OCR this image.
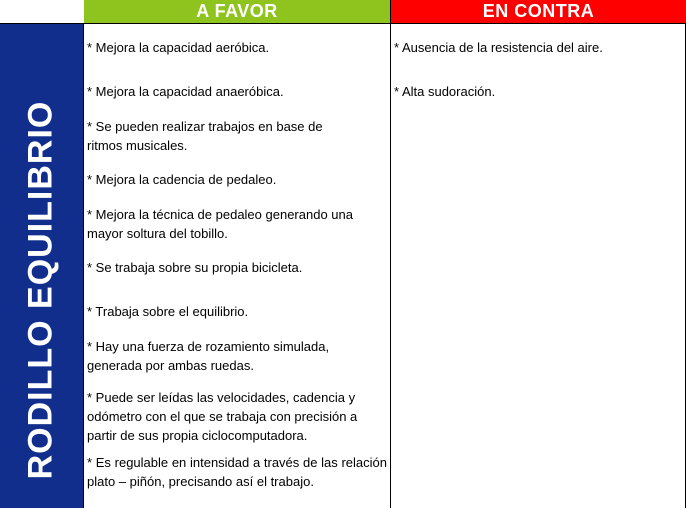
A FAVOR	EN CONTRA
RODILLO EQUILIBRIO
* Mejora la capacidad aeróbica.
* Mejora la capacidad anaeróbica.
* Se pueden realizar trabajos en base de ritmos musicales.
* Mejora la cadencia de pedaleo.
* Mejora la técnica de pedaleo generando una mayor soltura del tobillo.
* Se trabaja sobre su propia bicicleta.
* Trabaja sobre el equilibrio.
* Hay una fuerza de rozamiento simulada, generada por ambas ruedas.
* Puede ser leídas las velocidades, cadencia y odómetro con el que se trabaja con precisión a partir de sus propia ciclocomputadora.
* Es regulable en intensidad a través de las relación plato – piñón, precisando así el trabajo.
* Ausencia de la resistencia del aire.
* Alta sudoración.
